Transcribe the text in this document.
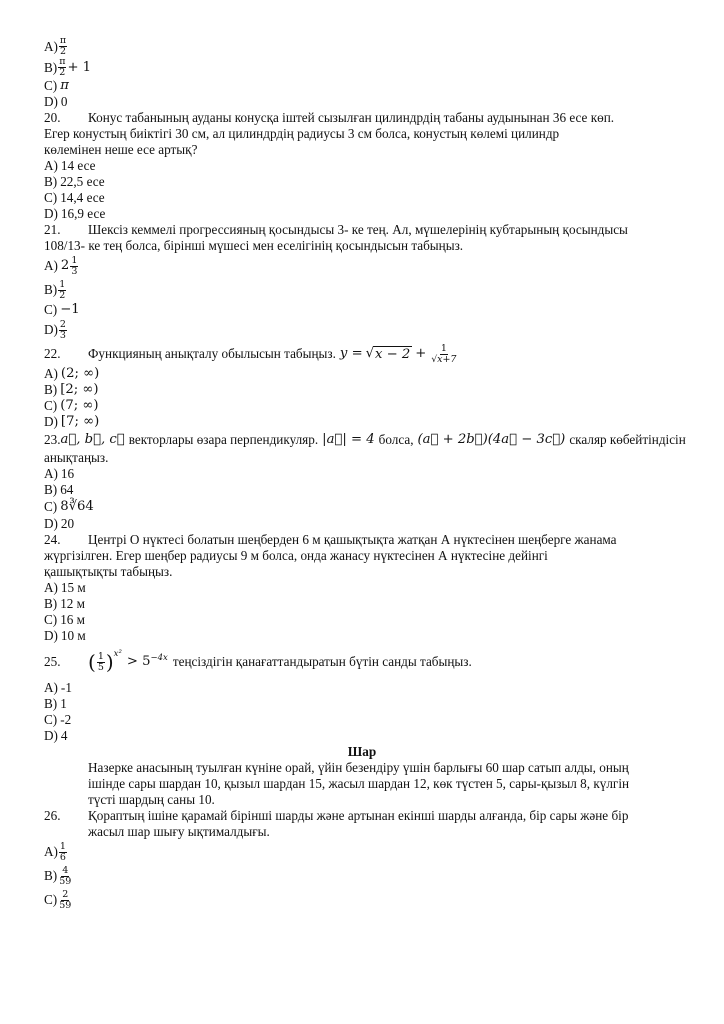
$A) \frac{\pi}{2}$
$B) \frac{\pi}{2} + 1$
C) π
D) 0
20. Конус табанының ауданы конусқа іштей сызылған цилиндрдің табаны аудынынан 36 есе көп.
Егер конустың биіктігі 30 см, ал цилиндрдің радиусы 3 см болса, конустың көлемі цилиндр
көлемінен неше есе артық?
A) 14 есе
B) 22,5 есе
C) 14,4 есе
D) 16,9 есе
21. Шексіз кеммелі прогрессияның қосындысы 3- ке тең. Ал, мүшелерінің кубтарының қосындысы
108/13- ке тең болса, бірінші мүшесі мен еселігінің қосындысын табыңыз.
A) $2 \frac{1}{3}$
$B) \frac{1}{2}$
C) −1
$D) \frac{2}{3}$
22.	Функцияның анықталу обылысын табыңыз. y = √ $x - 2 + \frac{1}{√x+7}$
A) (2; ∞)
B) [2; ∞)
C) (7; ∞)
D) [7; ∞)
23. a⃗, b⃗, c⃗ векторлары өзара перпендикуляр. |a⃗| = 4 болса, (a⃗ + 2b⃗)(4a⃗ − 3c⃗) скаляр көбейтіндісін
анықтаңыз.
A) 16
B) 64
C) 8∛64
D) 20
24. Центрі О нүктесі болатын шеңберден 6 м қашықтықта жатқан А нүктесінен шеңберге жанама
жүргізілген. Егер шеңбер радиусы 9 м болса, онда жанасу нүктесінен А нүктесіне дейінгі
қашықтықты табыңыз.
A) 15 м
B) 12 м
C) 16 м
D) 10 м
25.	( $\frac{1}{5} )^{x^2} > 5^{-4x}$ теңсіздігін қанағаттандыратын бүтін санды табыңыз.
A) -1
B) 1
C) -2
D) 4
Шар
Назерке анасының туылған күніне орай, үйін безендіру үшін барлығы 60 шар сатып алды, оның
ішінде сары шардан 10, қызыл шардан 15, жасыл шардан 12, көк түстен 5, сары-қызыл 8, күлгін
түсті шардың саны 10.
26. Қораптың ішіне қарамай бірінші шарды және артынан екінші шарды алғанда, бір сары және бір
жасыл шар шығу ықтималдығы.
$A) \frac{1}{6}$
$B) \frac{4}{59}$
$C) \frac{2}{59}$
